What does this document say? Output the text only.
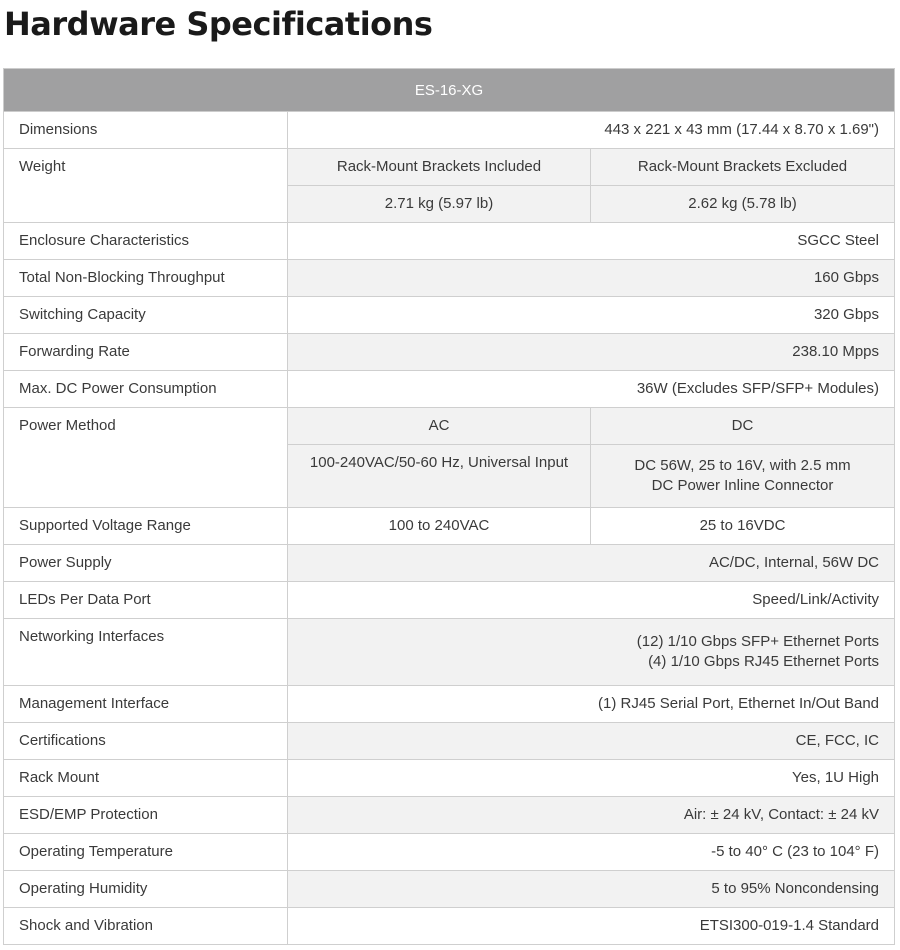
Hardware Specifications
ES-16-XG		
Dimensions	443 x 221 x 43 mm (17.44 x 8.70 x 1.69")	
Weight	Rack-Mount Brackets Included	Rack-Mount Brackets Excluded
	2.71 kg (5.97 lb)	2.62 kg (5.78 lb)
Enclosure Characteristics	SGCC Steel	
Total Non-Blocking Throughput	160 Gbps	
Switching Capacity	320 Gbps	
Forwarding Rate	238.10 Mpps	
Max. DC Power Consumption	36W (Excludes SFP/SFP+ Modules)	
Power Method	AC	DC
	100-240VAC/50-60 Hz, Universal Input	DC 56W, 25 to 16V, with 2.5 mm
DC Power Inline Connector

Supported Voltage Range	100 to 240VAC	25 to 16VDC
Power Supply	AC/DC, Internal, 56W DC	
LEDs Per Data Port	Speed/Link/Activity	
Networking Interfaces	(12) 1/10 Gbps SFP+ Ethernet Ports
(4) 1/10 Gbps RJ45 Ethernet Ports	

Management Interface	(1) RJ45 Serial Port, Ethernet In/Out Band	
Certifications	CE, FCC, IC	
Rack Mount	Yes, 1U High	
ESD/EMP Protection	Air: ± 24 kV, Contact: ± 24 kV	
Operating Temperature	-5 to 40° C (23 to 104° F)	
Operating Humidity	5 to 95% Noncondensing	
Shock and Vibration	ETSI300-019-1.4 Standard	
